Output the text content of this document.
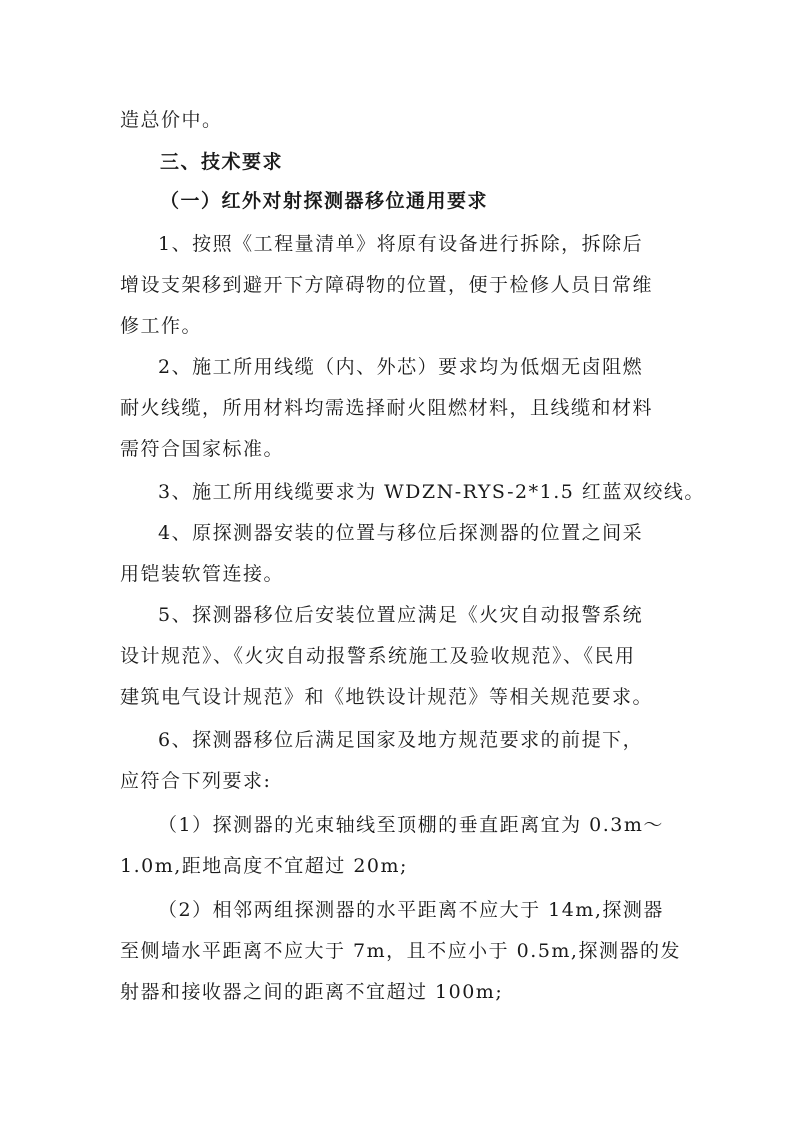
造总价中。
三、技术要求
（一）红外对射探测器移位通用要求
1、按照《工程量清单》将原有设备进行拆除，拆除后
增设支架移到避开下方障碍物的位置，便于检修人员日常维
修工作。
2、施工所用线缆（内、外芯）要求均为低烟无卤阻燃
耐火线缆，所用材料均需选择耐火阻燃材料，且线缆和材料
需符合国家标准。
3、施工所用线缆要求为 WDZN-RYS-2*1.5 红蓝双绞线。
4、原探测器安装的位置与移位后探测器的位置之间采
用铠装软管连接。
5、探测器移位后安装位置应满足《火灾自动报警系统
设计规范》、《火灾自动报警系统施工及验收规范》、《民用
建筑电气设计规范》和《地铁设计规范》等相关规范要求。
6、探测器移位后满足国家及地方规范要求的前提下，
应符合下列要求:
（1）探测器的光束轴线至顶棚的垂直距离宜为 0.3m～
1.0m,距地高度不宜超过 20m;
（2）相邻两组探测器的水平距离不应大于 14m,探测器
至侧墙水平距离不应大于 7m，且不应小于 0.5m,探测器的发
射器和接收器之间的距离不宜超过 100m;
